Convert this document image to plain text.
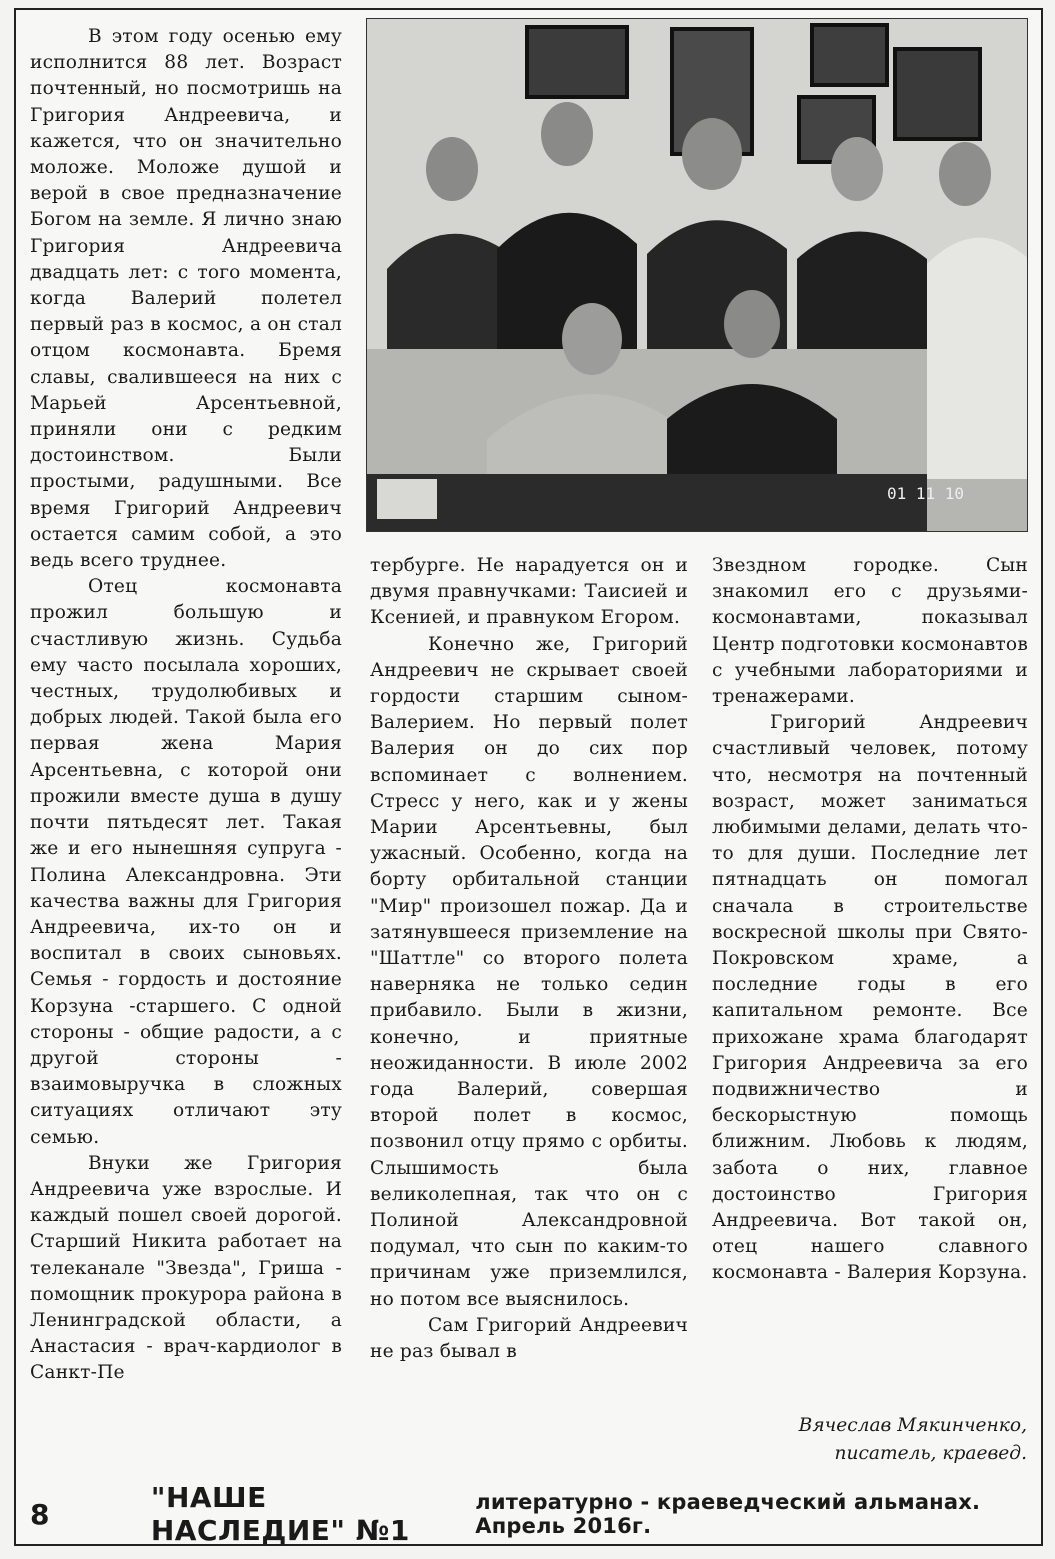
01 11 10

В этом году осенью ему исполнится 88 лет. Возраст почтенный, но посмотришь на Григория Андреевича, и кажется, что он значительно моложе. Моложе душой и верой в свое предназначение Богом на земле. Я лично знаю Григория Андреевича двадцать лет: с того момента, когда Валерий полетел первый раз в космос, а он стал отцом космонавта. Бремя славы, свалившееся на них с Марьей Арсентьевной, приняли они с редким достоинством. Были простыми, радушными. Все время Григорий Андреевич остается самим собой, а это ведь всего труднее.

Отец космонавта прожил большую и счастливую жизнь. Судьба ему часто посылала хороших, честных, трудолюбивых и добрых людей. Такой была его первая жена Мария Арсентьевна, с которой они прожили вместе душа в душу почти пятьдесят лет. Такая же и его нынешняя супруга - Полина Александровна. Эти качества важны для Григория Андреевича, их-то он и воспитал в своих сыновьях. Семья - гордость и достояние Корзуна -старшего. С одной стороны - общие радости, а с другой стороны - взаимовыручка в сложных ситуациях отличают эту семью.

Внуки же Григория Андреевича уже взрослые. И каждый пошел своей дорогой. Старший Никита работает на телеканале "Звезда", Гриша - помощник прокурора района в Ленинградской области, а Анастасия - врач-кардиолог в Санкт-Пе

тербурге. Не нарадуется он и двумя правнучками: Таисией и Ксенией, и правнуком Егором.

Конечно же, Григорий Андреевич не скрывает своей гордости старшим сыном-Валерием. Но первый полет Валерия он до сих пор вспоминает с волнением. Стресс у него, как и у жены Марии Арсентьевны, был ужасный. Особенно, когда на борту орбитальной станции "Мир" произошел пожар. Да и затянувшееся приземление на "Шаттле" со второго полета наверняка не только седин прибавило. Были в жизни, конечно, и приятные неожиданности. В июле 2002 года Валерий, совершая второй полет в космос, позвонил отцу прямо с орбиты. Слышимость была великолепная, так что он с Полиной Александровной подумал, что сын по каким-то причинам уже приземлился, но потом все выяснилось.

Сам Григорий Андреевич не раз бывал в

Звездном городке. Сын знакомил его с друзьями-космонавтами, показывал Центр подготовки космонавтов с учебными лабораториями и тренажерами.

Григорий Андреевич счастливый человек, потому что, несмотря на почтенный возраст, может заниматься любимыми делами, делать что-то для души. Последние лет пятнадцать он помогал сначала в строительстве воскресной школы при Свято-Покровском храме, а последние годы в его капитальном ремонте. Все прихожане храма благодарят Григория Андреевича за его подвижничество и бескорыстную помощь ближним. Любовь к людям, забота о них, главное достоинство Григория Андреевича. Вот такой он, отец нашего славного космонавта - Валерия Корзуна.

Вячеслав Мякинченко,
писатель, краевед.
8	"НАШЕ НАСЛЕДИЕ" №1
литературно - краеведческий альманах. Апрель 2016г.
